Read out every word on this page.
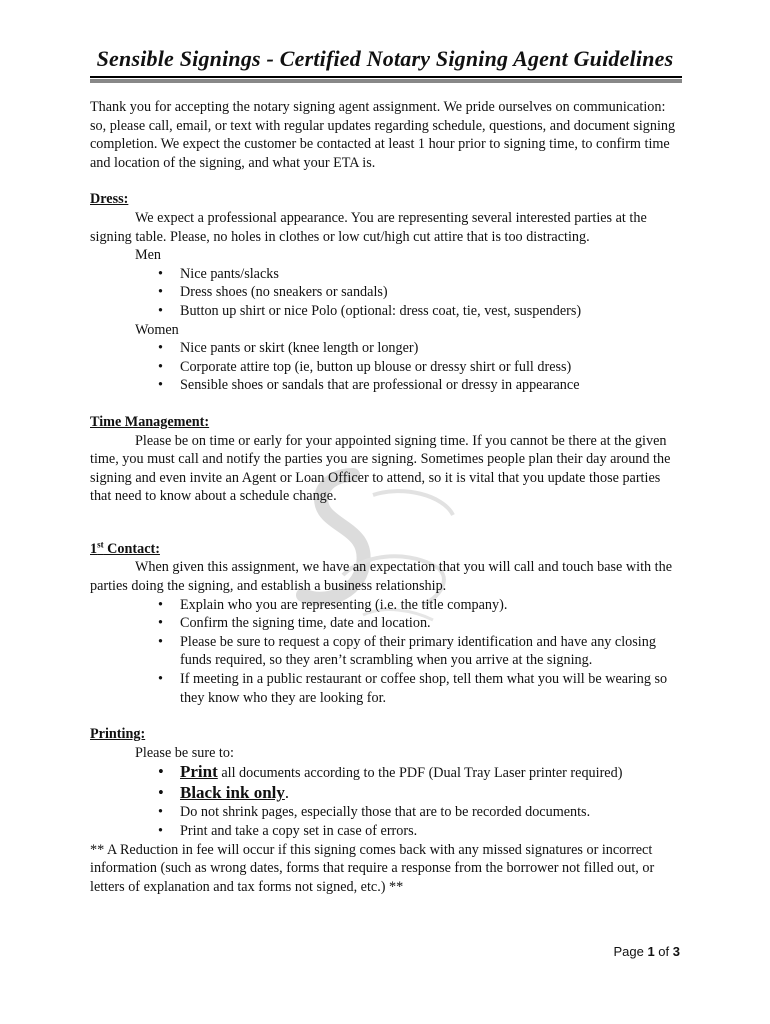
Sensible Signings - Certified Notary Signing Agent Guidelines

Thank you for accepting the notary signing agent assignment. We pride ourselves on communication: so, please call, email, or text with regular updates regarding schedule, questions, and document signing completion. We expect the customer be contacted at least 1 hour prior to signing time, to confirm time and location of the signing, and what your ETA is.

Dress:

We expect a professional appearance. You are representing several interested parties at the signing table. Please, no holes in clothes or low cut/high cut attire that is too distracting.

Men

• Nice pants/slacks
• Dress shoes (no sneakers or sandals)
• Button up shirt or nice Polo (optional: dress coat, tie, vest, suspenders)

Women

• Nice pants or skirt (knee length or longer)
• Corporate attire top (ie, button up blouse or dressy shirt or full dress)
• Sensible shoes or sandals that are professional or dressy in appearance

Time Management:

Please be on time or early for your appointed signing time. If you cannot be there at the given time, you must call and notify the parties you are signing. Sometimes people plan their day around the signing and even invite an Agent or Loan Officer to attend, so it is vital that you update those parties that need to know about a schedule change.

1st Contact:

When given this assignment, we have an expectation that you will call and touch base with the parties doing the signing, and establish a business relationship.

• Explain who you are representing (i.e. the title company).
• Confirm the signing time, date and location.
• Please be sure to request a copy of their primary identification and have any closing funds required, so they aren’t scrambling when you arrive at the signing.
• If meeting in a public restaurant or coffee shop, tell them what you will be wearing so they know who they are looking for.

Printing:

Please be sure to:

• Print all documents according to the PDF (Dual Tray Laser printer required)
• Black ink only.
• Do not shrink pages, especially those that are to be recorded documents.
• Print and take a copy set in case of errors.

** A Reduction in fee will occur if this signing comes back with any missed signatures or incorrect information (such as wrong dates, forms that require a response from the borrower not filled out, or letters of explanation and tax forms not signed, etc.) **

Page 1 of 3
